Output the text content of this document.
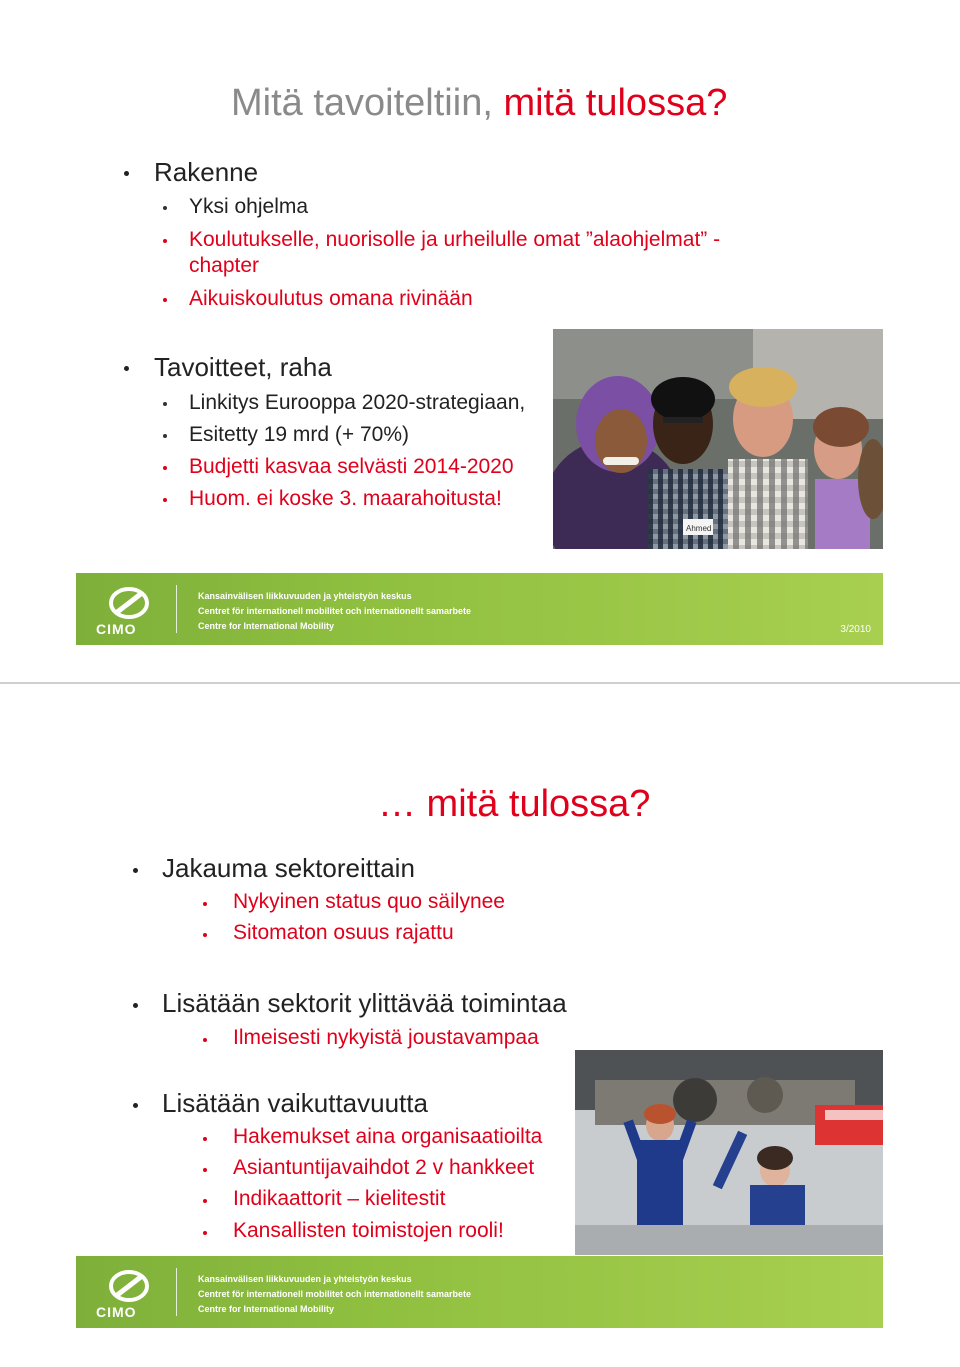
Mitä tavoiteltiin, mitä tulossa?
Rakenne
Yksi ohjelma
Koulutukselle, nuorisolle ja urheilulle omat ”alaohjelmat” -
chapter
Aikuiskoulutus omana rivinään
Tavoitteet, raha
Linkitys Eurooppa 2020-strategiaan,
Esitetty 19 mrd (+ 70%)
Budjetti kasvaa selvästi 2014-2020
Huom. ei koske 3. maarahoitusta!
Ahmed
CIMO
Kansainvälisen liikkuvuuden ja yhteistyön keskus
Centret för internationell mobilitet och internationellt samarbete
Centre for International Mobility	3/2010
… mitä tulossa?
Jakauma sektoreittain
Nykyinen status quo säilynee
Sitomaton osuus rajattu
Lisätään sektorit ylittävää toimintaa
Ilmeisesti nykyistä joustavampaa
Lisätään vaikuttavuutta
Hakemukset aina organisaatioilta
Asiantuntijavaihdot 2 v hankkeet
Indikaattorit – kielitestit
Kansallisten toimistojen rooli!
CIMO
Kansainvälisen liikkuvuuden ja yhteistyön keskus
Centret för internationell mobilitet och internationellt samarbete
Centre for International Mobility
